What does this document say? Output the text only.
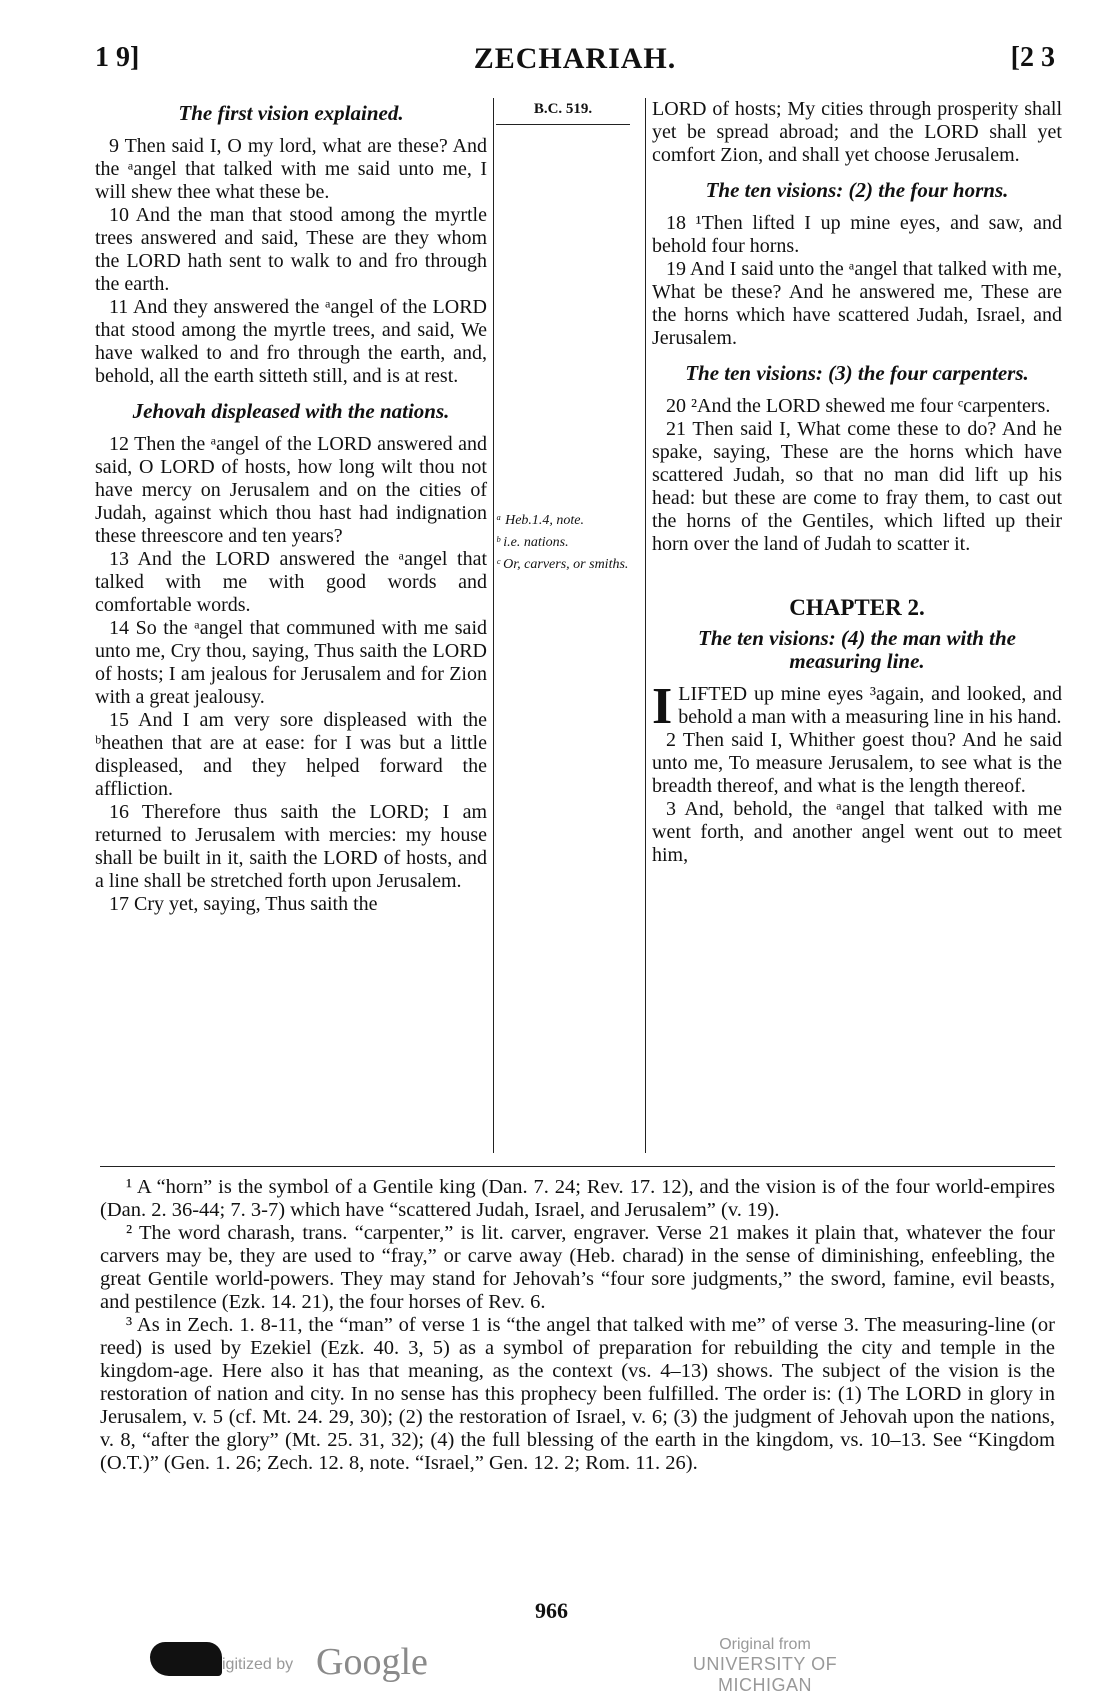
1 9]	ZECHARIAH.	[2 3
The first vision explained.

9 Then said I, O my lord, what are these? And the ᵃangel that talked with me said unto me, I will shew thee what these be.

10 And the man that stood among the myrtle trees answered and said, These are they whom the LORD hath sent to walk to and fro through the earth.

11 And they answered the ᵃangel of the LORD that stood among the myrtle trees, and said, We have walked to and fro through the earth, and, behold, all the earth sitteth still, and is at rest.

Jehovah displeased with the nations.

12 Then the ᵃangel of the LORD answered and said, O LORD of hosts, how long wilt thou not have mercy on Jerusalem and on the cities of Judah, against which thou hast had indignation these threescore and ten years?

13 And the LORD answered the ᵃangel that talked with me with good words and comfortable words.

14 So the ᵃangel that communed with me said unto me, Cry thou, saying, Thus saith the LORD of hosts; I am jealous for Jerusalem and for Zion with a great jealousy.

15 And I am very sore displeased with the ᵇheathen that are at ease: for I was but a little displeased, and they helped forward the affliction.

16 Therefore thus saith the LORD; I am returned to Jerusalem with mercies: my house shall be built in it, saith the LORD of hosts, and a line shall be stretched forth upon Jerusalem.

17 Cry yet, saying, Thus saith the

B.C. 519.
ᵃ Heb.1.4, note.
ᵇ i.e. nations.
ᶜ Or, carvers, or smiths.

LORD of hosts; My cities through prosperity shall yet be spread abroad; and the LORD shall yet comfort Zion, and shall yet choose Jerusalem.

The ten visions: (2) the four horns.

18 ¹Then lifted I up mine eyes, and saw, and behold four horns.

19 And I said unto the ᵃangel that talked with me, What be these? And he answered me, These are the horns which have scattered Judah, Israel, and Jerusalem.

The ten visions: (3) the four carpenters.

20 ²And the LORD shewed me four ᶜcarpenters.

21 Then said I, What come these to do? And he spake, saying, These are the horns which have scattered Judah, so that no man did lift up his head: but these are come to fray them, to cast out the horns of the Gentiles, which lifted up their horn over the land of Judah to scatter it.

CHAPTER 2.
The ten visions: (4) the man with the measuring line.

I LIFTED up mine eyes ³again, and looked, and behold a man with a measuring line in his hand.

2 Then said I, Whither goest thou? And he said unto me, To measure Jerusalem, to see what is the breadth thereof, and what is the length thereof.

3 And, behold, the ᵃangel that talked with me went forth, and another angel went out to meet him,

¹ A “horn” is the symbol of a Gentile king (Dan. 7. 24; Rev. 17. 12), and the vision is of the four world-empires (Dan. 2. 36-44; 7. 3-7) which have “scattered Judah, Israel, and Jerusalem” (v. 19).

² The word charash, trans. “carpenter,” is lit. carver, engraver. Verse 21 makes it plain that, whatever the four carvers may be, they are used to “fray,” or carve away (Heb. charad) in the sense of diminishing, enfeebling, the great Gentile world-powers. They may stand for Jehovah’s “four sore judgments,” the sword, famine, evil beasts, and pestilence (Ezk. 14. 21), the four horses of Rev. 6.

³ As in Zech. 1. 8-11, the “man” of verse 1 is “the angel that talked with me” of verse 3. The measuring-line (or reed) is used by Ezekiel (Ezk. 40. 3, 5) as a symbol of preparation for rebuilding the city and temple in the kingdom-age. Here also it has that meaning, as the context (vs. 4–13) shows. The subject of the vision is the restoration of nation and city. In no sense has this prophecy been fulfilled. The order is: (1) The LORD in glory in Jerusalem, v. 5 (cf. Mt. 24. 29, 30); (2) the restoration of Israel, v. 6; (3) the judgment of Jehovah upon the nations, v. 8, “after the glory” (Mt. 25. 31, 32); (4) the full blessing of the earth in the kingdom, vs. 10–13. See “Kingdom (O.T.)” (Gen. 1. 26; Zech. 12. 8, note. “Israel,” Gen. 12. 2; Rom. 11. 26).

966
igitized by Google	Original from
UNIVERSITY OF MICHIGAN
